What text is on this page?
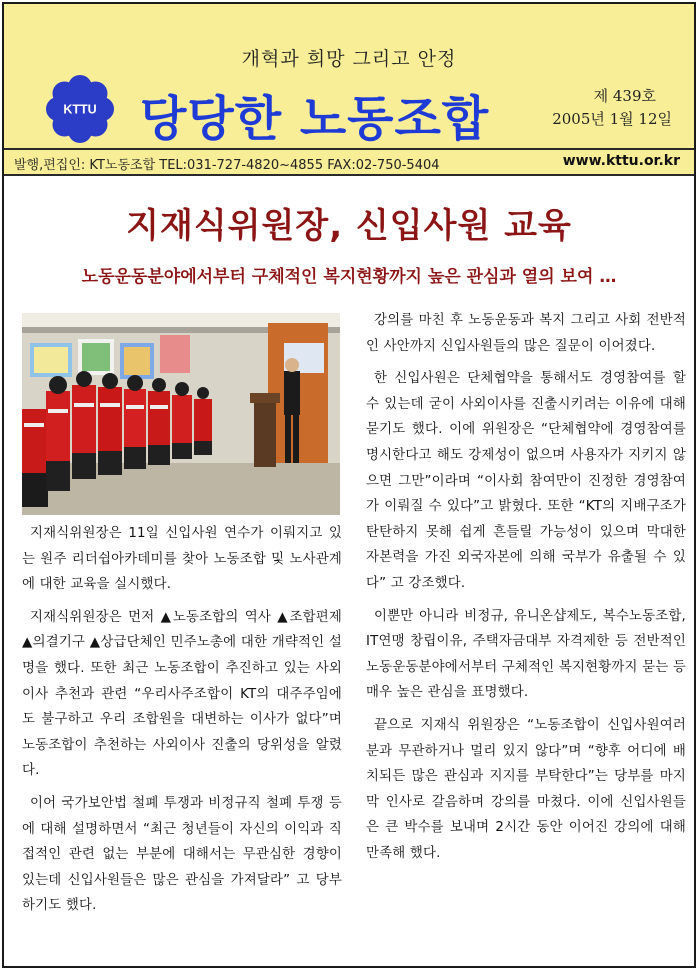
개혁과 희망 그리고 안정
KTTU 당당한 노동조합	제 439호
2005년 1월 12일
발행,편집인: KT노동조합 TEL:031-727-4820~4855 FAX:02-750-5404	www.kttu.or.kr
지재식위원장, 신입사원 교육
노동운동분야에서부터 구체적인 복지현황까지 높은 관심과 열의 보여 …

지재식위원장은 11일 신입사원 연수가 이뤄지고 있는 원주 리더쉽아카데미를 찾아 노동조합 및 노사관계에 대한 교육을 실시했다.

지재식위원장은 먼저 ▲노동조합의 역사 ▲조합편제 ▲의결기구 ▲상급단체인 민주노총에 대한 개략적인 설명을 했다. 또한 최근 노동조합이 추진하고 있는 사외이사 추천과 관련 “우리사주조합이 KT의 대주주임에도 불구하고 우리 조합원을 대변하는 이사가 없다”며 노동조합이 추천하는 사외이사 진출의 당위성을 알렸다.

이어 국가보안법 철폐 투쟁과 비정규직 철폐 투쟁 등에 대해 설명하면서 “최근 청년들이 자신의 이익과 직접적인 관련 없는 부분에 대해서는 무관심한 경향이 있는데 신입사원들은 많은 관심을 가져달라” 고 당부하기도 했다.

강의를 마친 후 노동운동과 복지 그리고 사회 전반적인 사안까지 신입사원들의 많은 질문이 이어졌다.

한 신입사원은 단체협약을 통해서도 경영참여를 할 수 있는데 굳이 사외이사를 진출시키려는 이유에 대해 묻기도 했다. 이에 위원장은 “단체협약에 경영참여를 명시한다고 해도 강제성이 없으며 사용자가 지키지 않으면 그만”이라며 “이사회 참여만이 진정한 경영참여가 이뤄질 수 있다”고 밝혔다. 또한 “KT의 지배구조가 탄탄하지 못해 쉽게 흔들릴 가능성이 있으며 막대한 자본력을 가진 외국자본에 의해 국부가 유출될 수 있다” 고 강조했다.

이뿐만 아니라 비정규, 유니온샵제도, 복수노동조합, IT연맹 창립이유, 주택자금대부 자격제한 등 전반적인 노동운동분야에서부터 구체적인 복지현황까지 묻는 등 매우 높은 관심을 표명했다.

끝으로 지재식 위원장은 “노동조합이 신입사원여러분과 무관하거나 멀리 있지 않다”며 “향후 어디에 배치되든 많은 관심과 지지를 부탁한다”는 당부를 마지막 인사로 갈음하며 강의를 마쳤다. 이에 신입사원들은 큰 박수를 보내며 2시간 동안 이어진 강의에 대해 만족해 했다.
